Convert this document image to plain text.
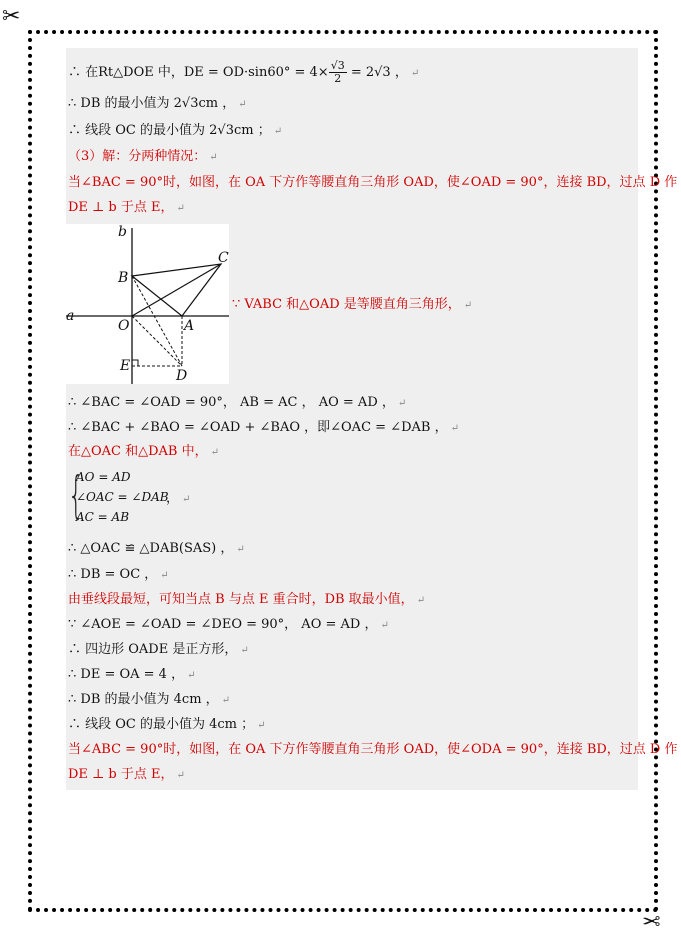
✂
✂
∴ 在Rt△DOE 中，DE = $OD\cdot\sin 60^\circ = 4\times \frac{√3}{2} = 2√3$ ， ↵
∴ DB 的最小值为 2√3cm ， ↵
∴ 线段 OC 的最小值为 2√3cm ； ↵
（3）解：分两种情况： ↵
当∠BAC = 90°时，如图，在 OA 下方作等腰直角三角形 OAD，使∠OAD = 90°，连接 BD，过点 D 作
DE ⊥ b 于点 E， ↵
b
a
B
C
O	A
E
D
∵ VABC 和△OAD 是等腰直角三角形， ↵
∴ ∠BAC = ∠OAD = 90°， AB = AC ， AO = AD ， ↵
∴ ∠BAC + ∠BAO = ∠OAD + ∠BAO ，即∠OAC = ∠DAB ， ↵
在△OAC 和△DAB 中， ↵
{
AO = AD
∠OAC = ∠DAB
AC = AB
， ↵
∴ △OAC ≌ △DAB(SAS) ， ↵
∴ DB = OC ， ↵
由垂线段最短，可知当点 B 与点 E 重合时，DB 取最小值， ↵
∵ ∠AOE = ∠OAD = ∠DEO = 90°， AO = AD ， ↵
∴ 四边形 OADE 是正方形， ↵
∴ DE = OA = 4 ， ↵
∴ DB 的最小值为 4cm ， ↵
∴ 线段 OC 的最小值为 4cm ； ↵
当∠ABC = 90°时，如图，在 OA 下方作等腰直角三角形 OAD，使∠ODA = 90°，连接 BD，过点 D 作
DE ⊥ b 于点 E， ↵
